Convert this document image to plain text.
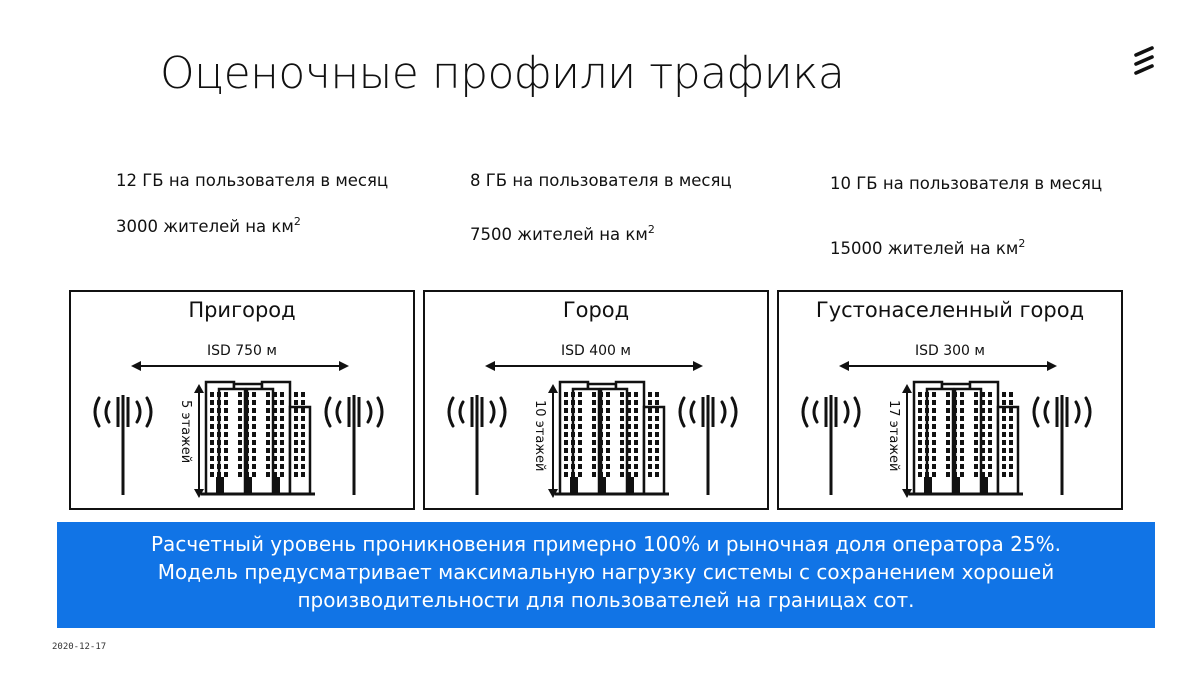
Оценочные профили трафика
12 ГБ на пользователя в месяц
3000 жителей на $км^2$
8 ГБ на пользователя в месяц
7500 жителей на $км^2$
10 ГБ на пользователя в месяц
15000 жителей на $км^2$
Пригород
ISD 750 м
5 этажей
Город
ISD 400 м
10 этажей
Густонаселенный город
ISD 300 м
17 этажей
Расчетный уровень проникновения примерно 100% и рыночная доля оператора 25%.
Модель предусматривает максимальную нагрузку системы с сохранением хорошей
производительности для пользователей на границах сот.
2020-12-17
